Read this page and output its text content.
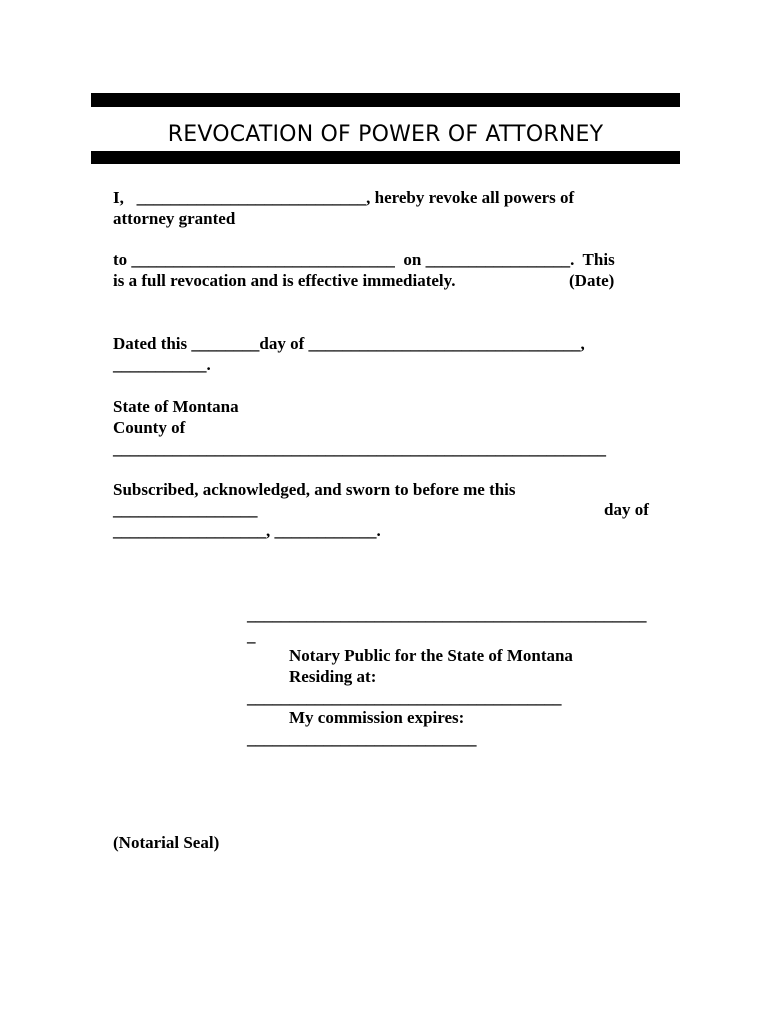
REVOCATION OF POWER OF ATTORNEY
I,   ___________________________, hereby revoke all powers of
attorney granted
to _______________________________  on _________________.  This
is a full revocation and is effective immediately.	(Date)
Dated this ________day of ________________________________,
___________.
State of Montana
County of
__________________________________________________________
Subscribed, acknowledged, and sworn to before me this
_________________	day of
__________________, ____________.
_______________________________________________
_
Notary Public for the State of Montana
Residing at:
_____________________________________
My commission expires:
___________________________
(Notarial Seal)
